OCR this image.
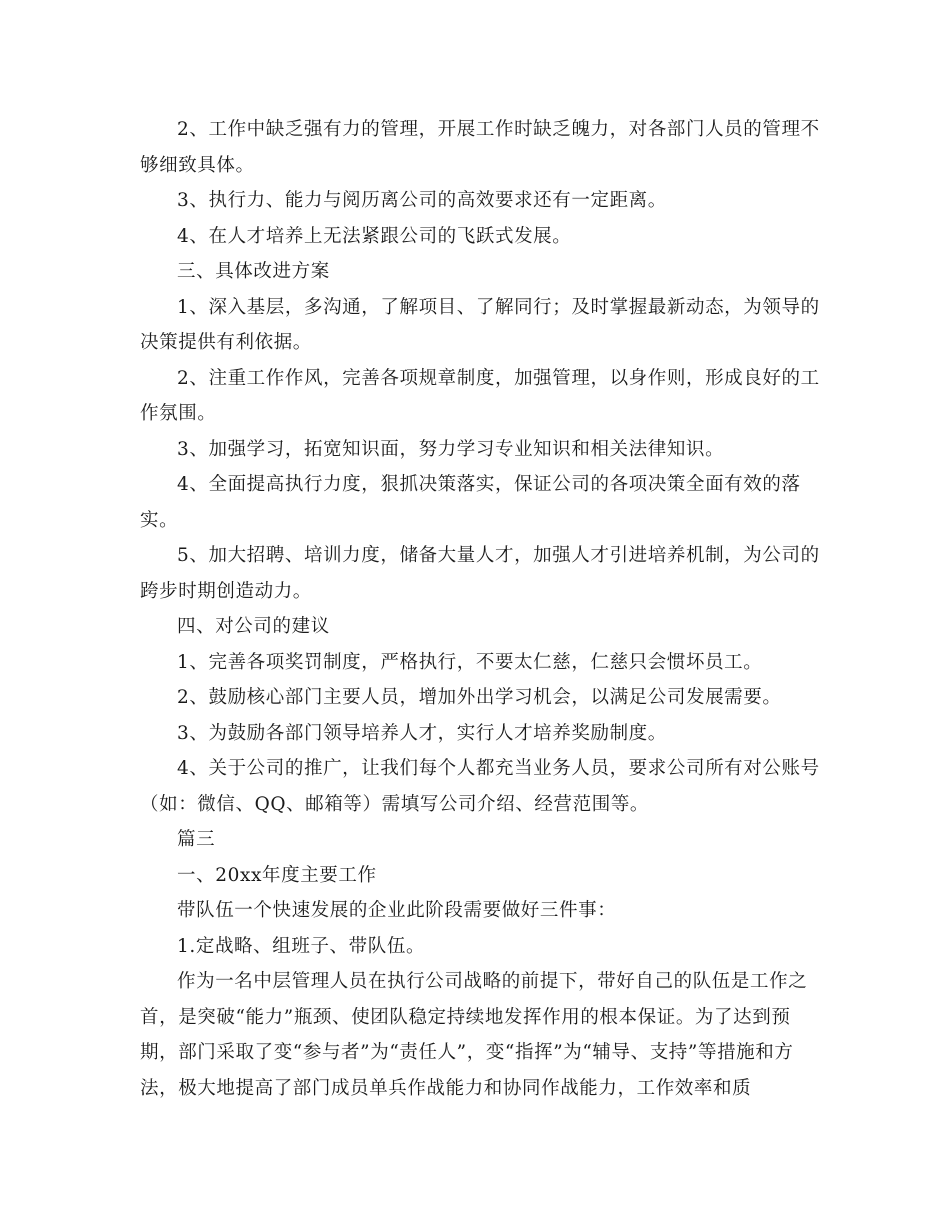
2、工作中缺乏强有力的管理，开展工作时缺乏魄力，对各部门人员的管理不够细致具体。

3、执行力、能力与阅历离公司的高效要求还有一定距离。

4、在人才培养上无法紧跟公司的飞跃式发展。

三、具体改进方案

1、深入基层，多沟通，了解项目、了解同行；及时掌握最新动态，为领导的决策提供有利依据。

2、注重工作作风，完善各项规章制度，加强管理，以身作则，形成良好的工作氛围。

3、加强学习，拓宽知识面，努力学习专业知识和相关法律知识。

4、全面提高执行力度，狠抓决策落实，保证公司的各项决策全面有效的落实。

5、加大招聘、培训力度，储备大量人才，加强人才引进培养机制，为公司的跨步时期创造动力。

四、对公司的建议

1、完善各项奖罚制度，严格执行，不要太仁慈，仁慈只会惯坏员工。

2、鼓励核心部门主要人员，增加外出学习机会，以满足公司发展需要。

3、为鼓励各部门领导培养人才，实行人才培养奖励制度。

4、关于公司的推广，让我们每个人都充当业务人员，要求公司所有对公账号（如：微信、QQ、邮箱等）需填写公司介绍、经营范围等。

篇三

一、20xx年度主要工作

带队伍一个快速发展的企业此阶段需要做好三件事：

1.定战略、组班子、带队伍。

作为一名中层管理人员在执行公司战略的前提下，带好自己的队伍是工作之首，是突破“能力”瓶颈、使团队稳定持续地发挥作用的根本保证。为了达到预期，部门采取了变“参与者”为“责任人”，变“指挥”为“辅导、支持”等措施和方法，极大地提高了部门成员单兵作战能力和协同作战能力，工作效率和质
